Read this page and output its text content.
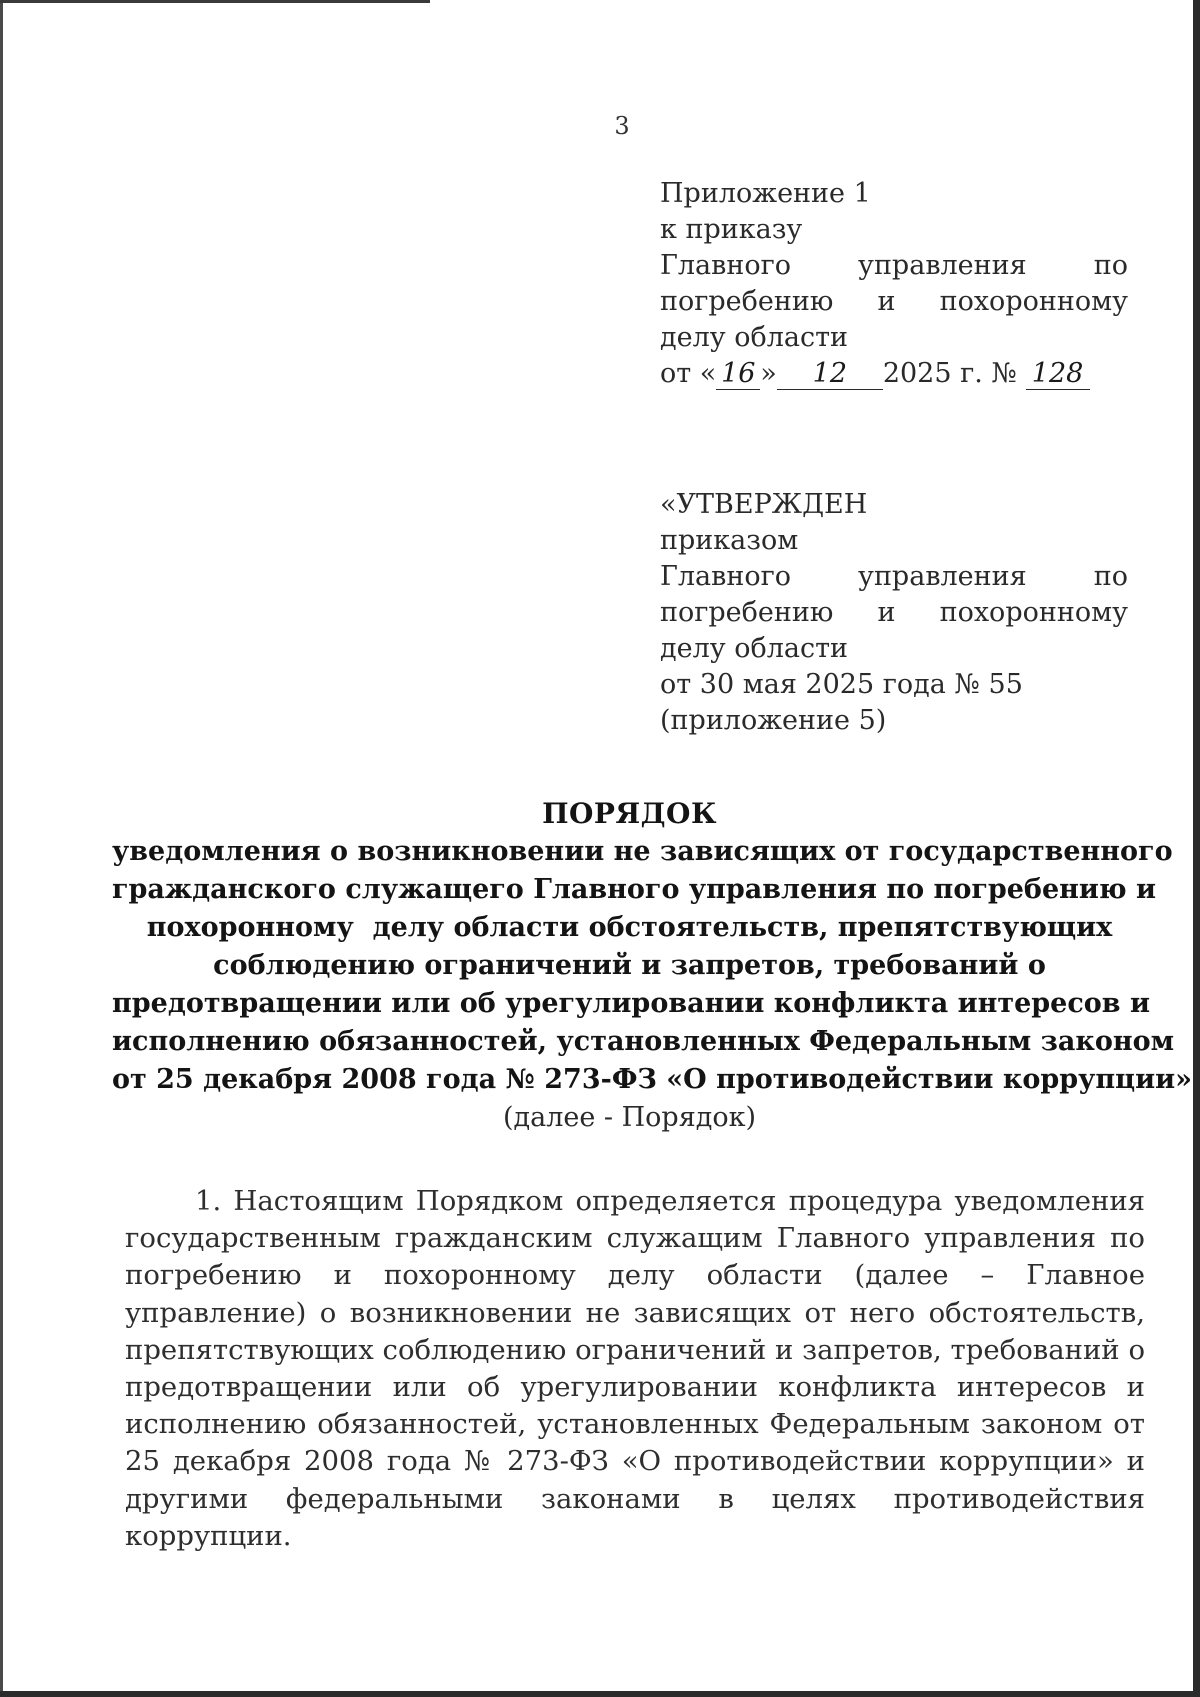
3
Приложение 1
к приказу
Главного управления по
погребению и похоронному
делу области
от « 16 » 12 2025 г. № 128
«УТВЕРЖДЕН
приказом
Главного управления по
погребению и похоронному
делу области
от 30 мая 2025 года № 55
(приложение 5)
ПОРЯДОК
уведомления о возникновении не зависящих от государственного
гражданского служащего Главного управления по погребению и
похоронному  делу области обстоятельств, препятствующих
соблюдению ограничений и запретов, требований о
предотвращении или об урегулировании конфликта интересов и
исполнению обязанностей, установленных Федеральным законом
от 25 декабря 2008 года № 273-ФЗ «О противодействии коррупции»
(далее - Порядок)
1. Настоящим Порядком определяется процедура уведомления
государственным гражданским служащим Главного управления по
погребению и похоронному делу области (далее – Главное
управление) о возникновении не зависящих от него обстоятельств,
препятствующих соблюдению ограничений и запретов, требований о
предотвращении или об урегулировании конфликта интересов и
исполнению обязанностей, установленных Федеральным законом от
25 декабря 2008 года № 273-ФЗ «О противодействии коррупции» и
другими федеральными законами в целях противодействия
коррупции.
